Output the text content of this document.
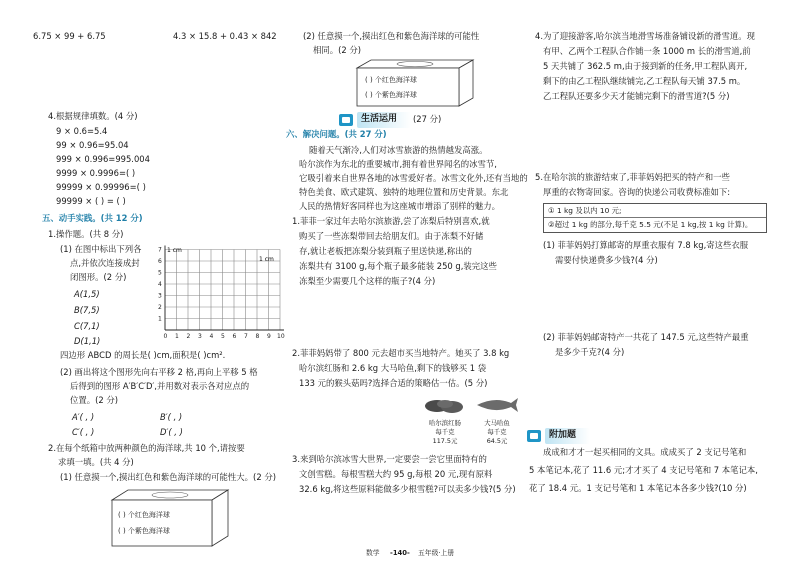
6.75 × 99 + 6.75	4.3 × 15.8 + 0.43 × 842
4.根据规律填数。(4 分)
9 × 0.6=5.4
99 × 0.96=95.04
999 × 0.996=995.004
9999 × 0.9996=( )
99999 × 0.99996=( )
99999 × ( ) = ( )
五、动手实践。(共 12 分)
1.操作题。(共 8 分)
(1) 在图中标出下列各
点,并依次连接成封
闭图形。(2 分)
A(1,5)
B(7,5)
C(7,1)
D(1,1)
1 cm
1 cm
0 1 2 3 4 5 6 7 8 9 10
1
2
3
4
5
6
7
四边形 ABCD 的周长是( )cm,面积是( )cm².
(2) 画出将这个图形先向右平移 2 格,再向上平移 5 格
后得到的图形 A′B′C′D′,并用数对表示各对应点的
位置。(2 分)
A′( , )	B′( , )
C′( , )	D′( , )
2.在每个纸箱中放两种颜色的海洋球,共 10 个,请按要
求填一填。(共 4 分)
(1) 任意摸一个,摸出红色和紫色海洋球的可能性大。(2 分)
( ) 个红色海洋球
( ) 个紫色海洋球
(2) 任意摸一个,摸出红色和紫色海洋球的可能性
相同。(2 分)
( ) 个红色海洋球
( ) 个紫色海洋球
生活运用	(27 分)
六、解决问题。(共 27 分)
随着天气渐冷,人们对冰雪旅游的热情越发高涨。
哈尔滨作为东北的重要城市,拥有着世界闻名的冰雪节,
它吸引着来自世界各地的冰雪爱好者。冰雪文化外,还有当地的
特色美食、欧式建筑、独特的地理位置和历史背景。东北
人民的热情好客同样也为这座城市增添了别样的魅力。
1.菲菲一家过年去哈尔滨旅游,尝了冻梨后特别喜欢,就
购买了一些冻梨带回去给朋友们。由于冻梨不好储
存,就让老板把冻梨分装到瓶子里送快递,称出的
冻梨共有 3100 g,每个瓶子最多能装 250 g,装完这些
冻梨至少需要几个这样的瓶子?(4 分)
2.菲菲妈妈带了 800 元去超市买当地特产。她买了 3.8 kg
哈尔滨红肠和 2.6 kg 大马哈鱼,剩下的钱够买 1 袋
133 元的猴头菇吗?选择合适的策略估一估。(5 分)
哈尔滨红肠
每千克
117.5元
大马哈鱼
每千克
64.5元
3.来到哈尔滨冰雪大世界,一定要尝一尝它里面特有的
文创雪糕。每根雪糕大约 95 g,每根 20 元,现有原料
32.6 kg,将这些原料能做多少根雪糕?可以卖多少钱?(5 分)
4.为了迎接游客,哈尔滨当地滑雪场准备铺设新的滑雪道。现
有甲、乙两个工程队合作铺一条 1000 m 长的滑雪道,前
5 天共铺了 362.5 m,由于接到新的任务,甲工程队离开,
剩下的由乙工程队继续铺完,乙工程队每天铺 37.5 m。
乙工程队还要多少天才能铺完剩下的滑雪道?(5 分)
5.在哈尔滨的旅游结束了,菲菲妈妈把买的特产和一些
厚重的衣物寄回家。咨询的快递公司收费标准如下:
① 1 kg 及以内 10 元;
②超过 1 kg 的部分,每千克 5.5 元(不足 1 kg,按 1 kg 计算)。
(1) 菲菲妈妈打算邮寄的厚重衣服有 7.8 kg,寄这些衣服
需要付快递费多少钱?(4 分)
(2) 菲菲妈妈邮寄特产一共花了 147.5 元,这些特产最重
是多少千克?(4 分)
附加题
成成和才才一起买相同的文具。成成买了 2 支记号笔和
5 本笔记本,花了 11.6 元;才才买了 4 支记号笔和 7 本笔记本,
花了 18.4 元。1 支记号笔和 1 本笔记本各多少钱?(10 分)
数学 -140- 五年级·上册
